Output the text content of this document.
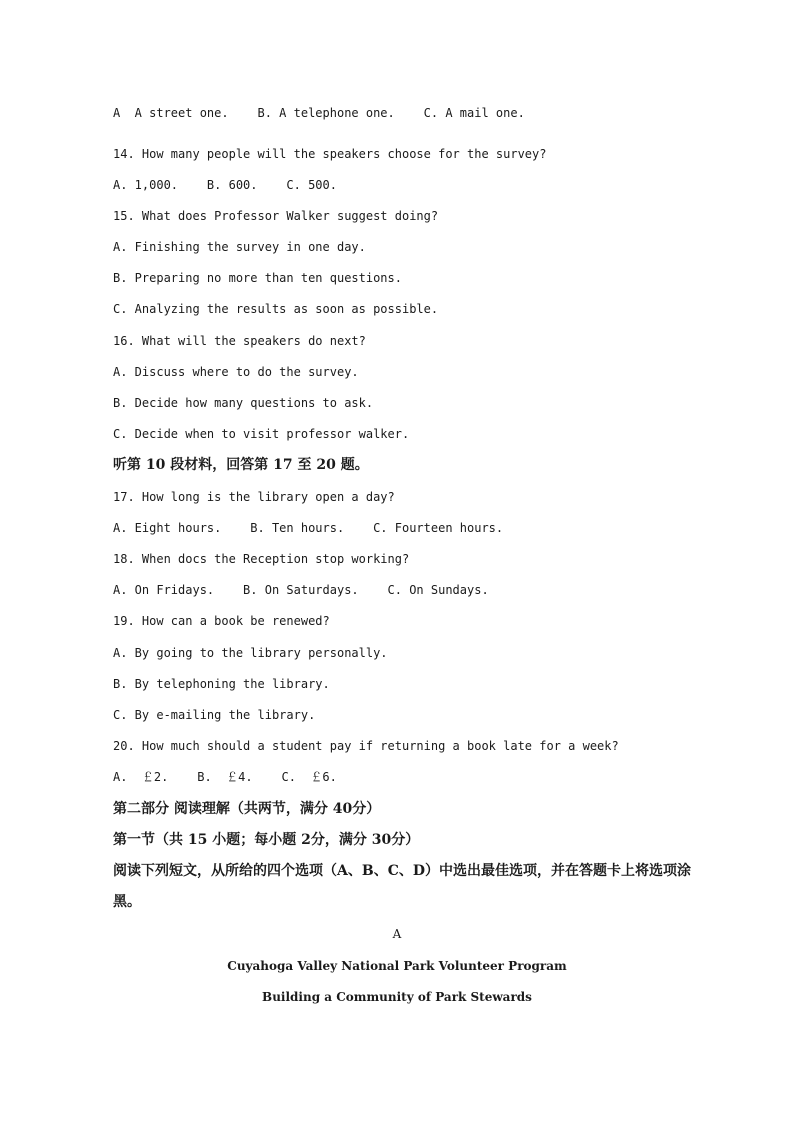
A  A street one.    B. A telephone one.    C. A mail one.
14. How many people will the speakers choose for the survey?
A. 1,000.    B. 600.    C. 500.
15. What does Professor Walker suggest doing?
A. Finishing the survey in one day.
B. Preparing no more than ten questions.
C. Analyzing the results as soon as possible.
16. What will the speakers do next?
A. Discuss where to do the survey.
B. Decide how many questions to ask.
C. Decide when to visit professor walker.
听第 10 段材料，回答第 17 至 20 题。
17. How long is the library open a day?
A. Eight hours.    B. Ten hours.    C. Fourteen hours.
18. When docs the Reception stop working?
A. On Fridays.    B. On Saturdays.    C. On Sundays.
19. How can a book be renewed?
A. By going to the library personally.
B. By telephoning the library.
C. By e-mailing the library.
20. How much should a student pay if returning a book late for a week?
A.  ￡2.    B.  ￡4.    C.  ￡6.
第二部分 阅读理解（共两节，满分 40分）
第一节（共 15 小题；每小题 2分，满分 30分）
阅读下列短文，从所给的四个选项（A、B、C、D）中选出最佳选项，并在答题卡上将选项涂
黑。
A
Cuyahoga Valley National Park Volunteer Program
Building a Community of Park Stewards
